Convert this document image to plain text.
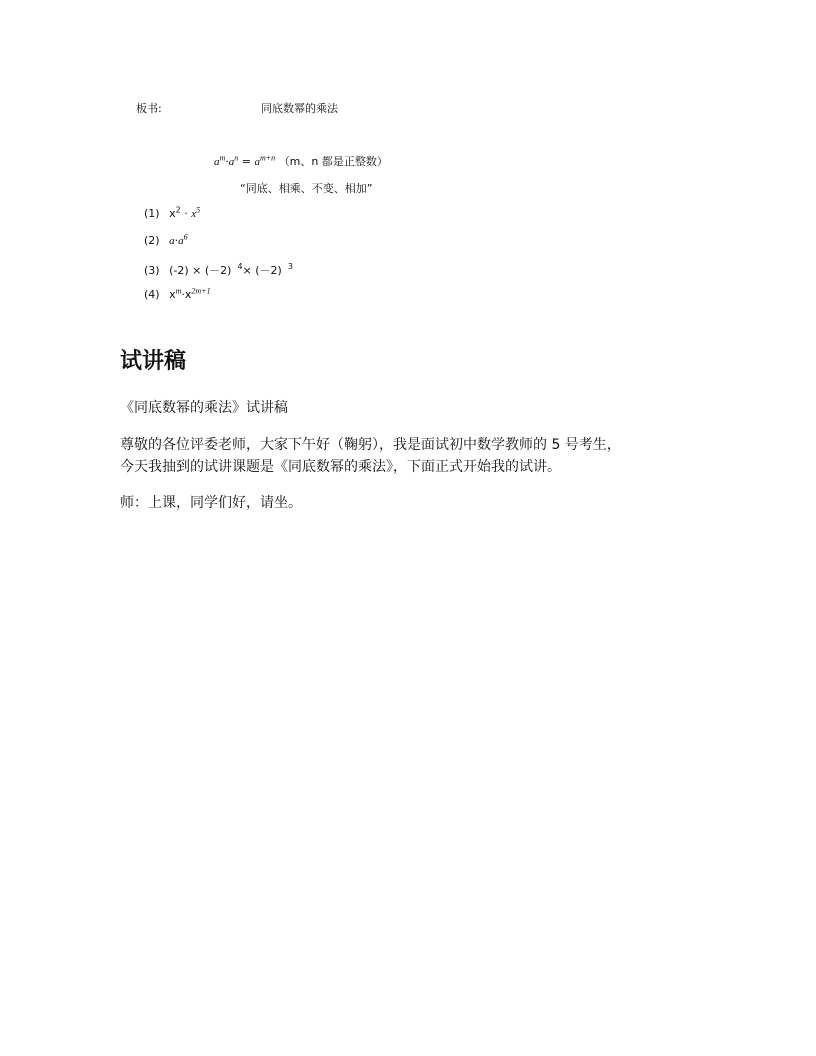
板书:	同底数幂的乘法
$a^m\cdot a^n = a^{m+n}$ （m、n 都是正整数）
“同底、相乘、不变、相加”
(1) $x^2 \cdot x^5$
(2) $a\cdot a^6$
(3) (-2) × (－2) $^4$× (－2) $^3$
(4) $x^m\cdot x^{2m+1}$
试讲稿
《同底数幂的乘法》试讲稿
尊敬的各位评委老师，大家下午好（鞠躬），我是面试初中数学教师的 5 号考生，
今天我抽到的试讲课题是《同底数幂的乘法》，下面正式开始我的试讲。
师：上课，同学们好，请坐。
